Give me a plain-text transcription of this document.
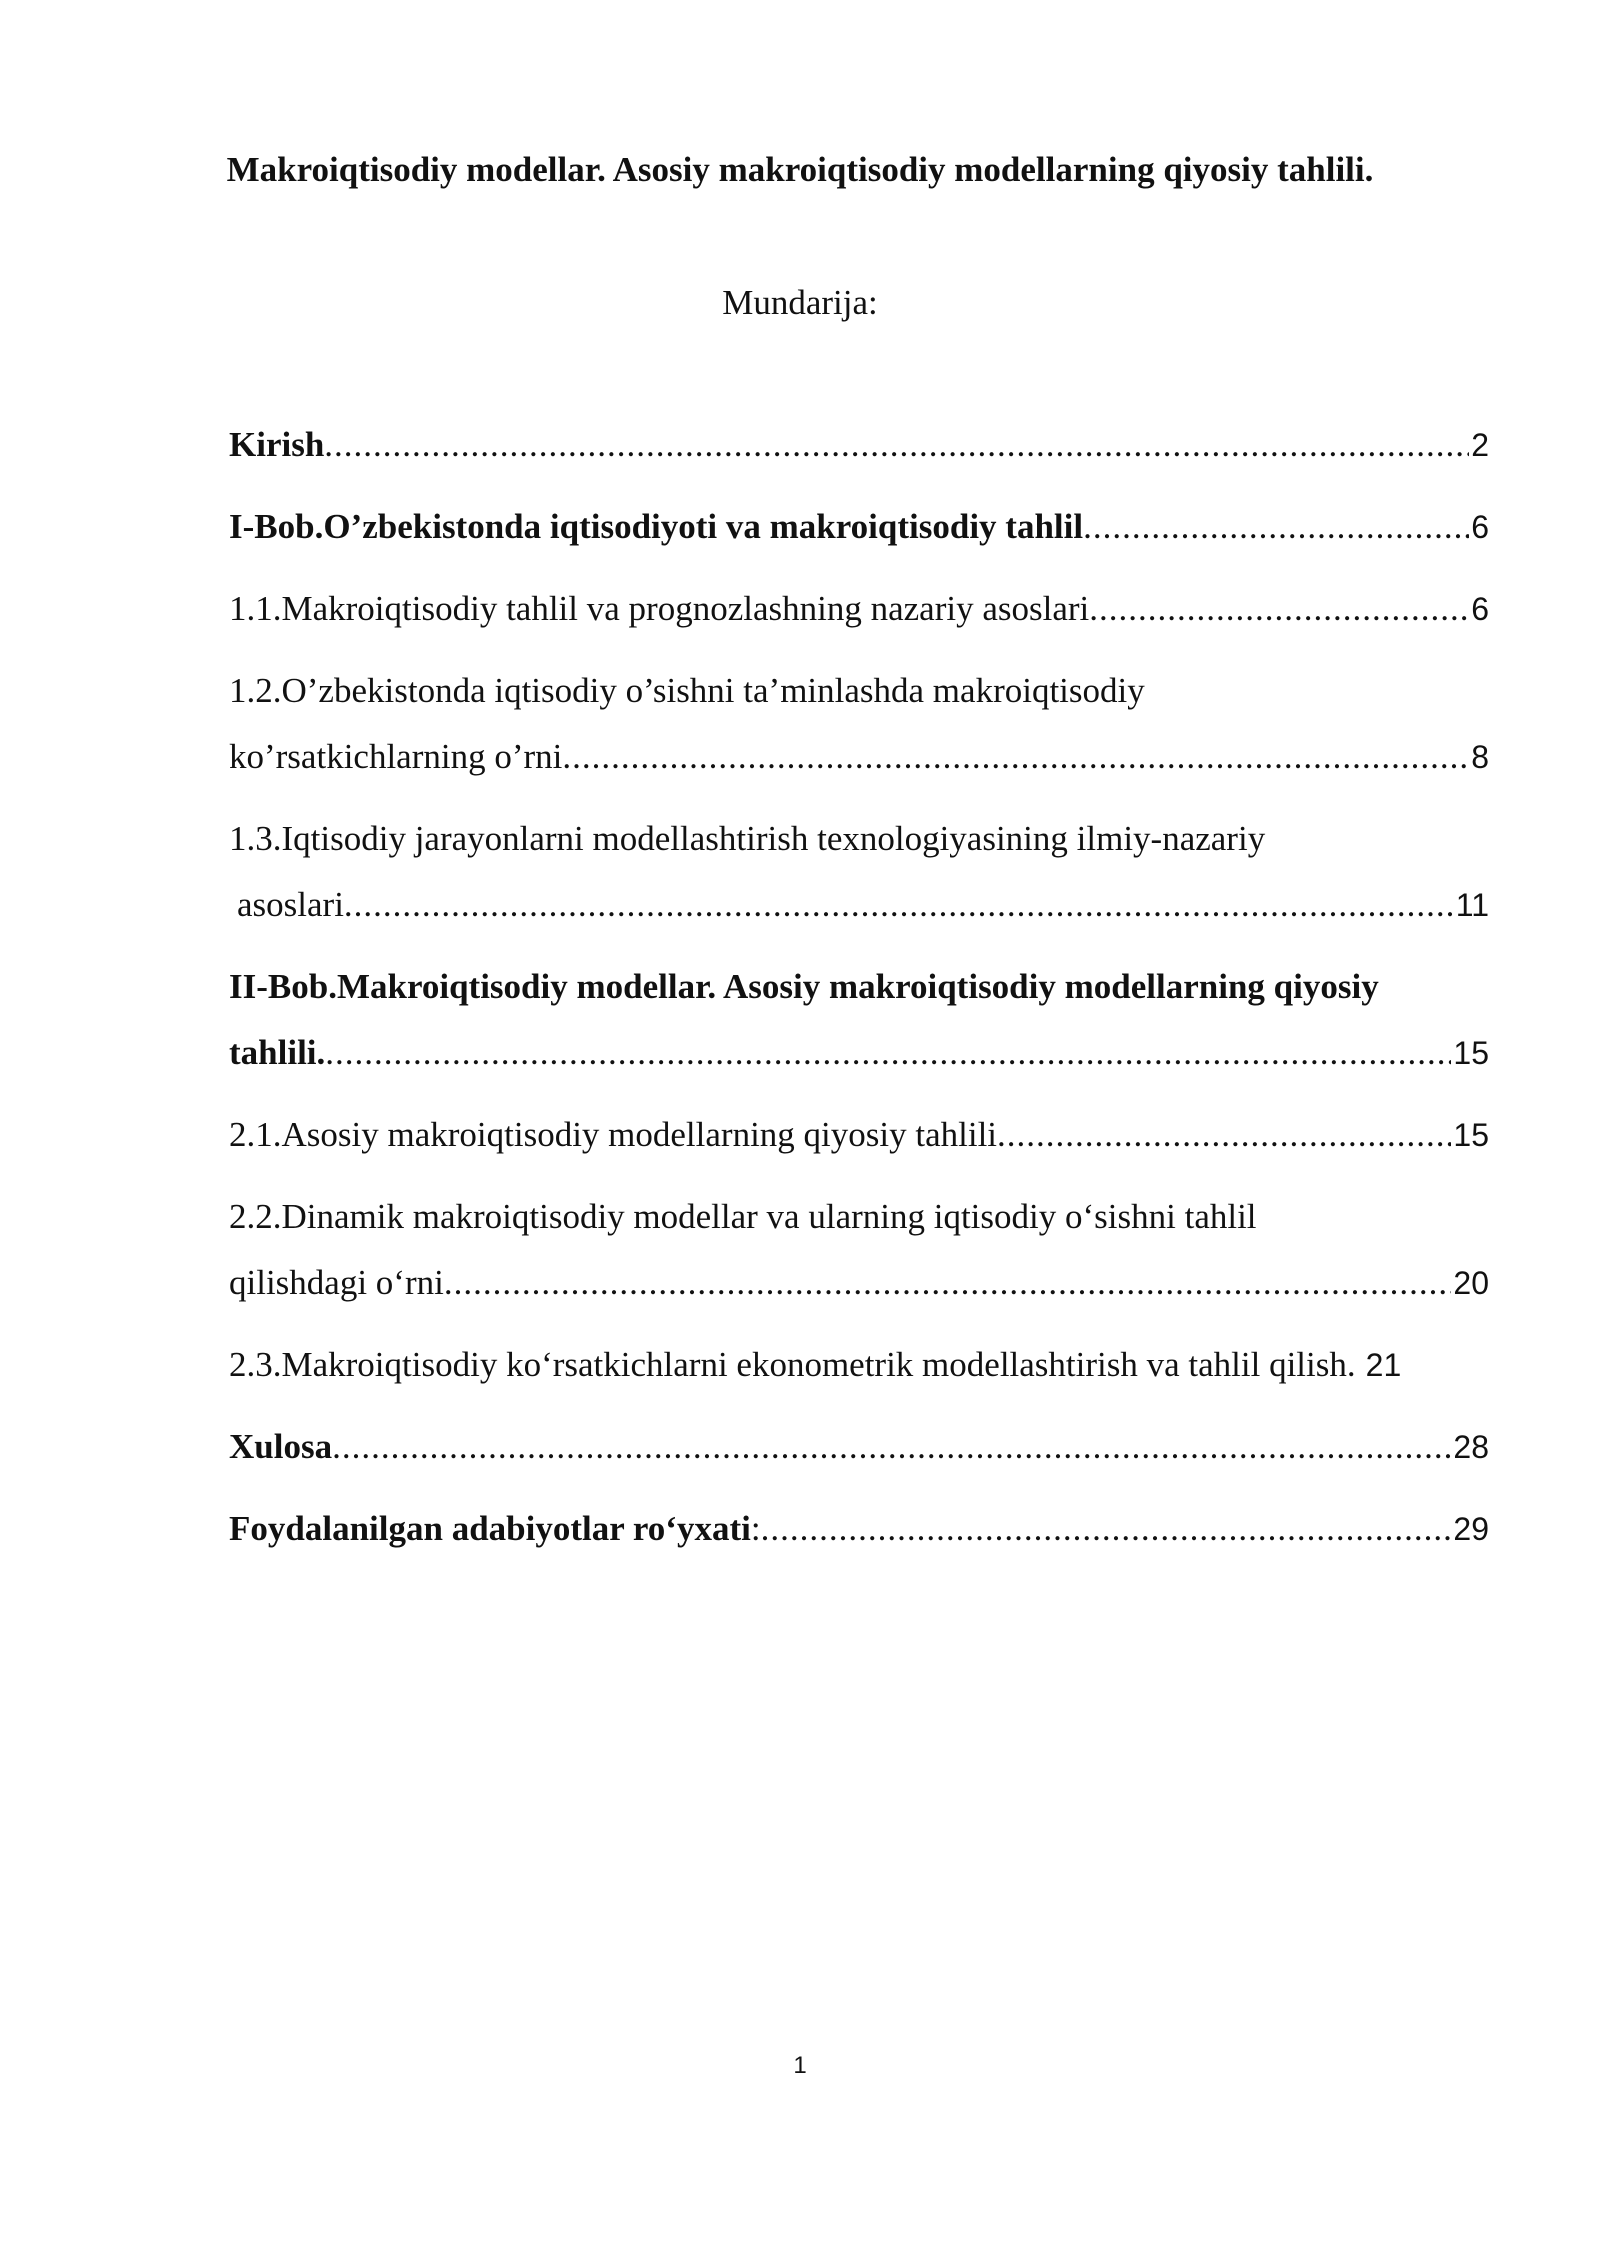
Makroiqtisodiy modellar. Asosiy makroiqtisodiy modellarning qiyosiy tahlili.
Mundarija:
Kirish .....	2
I-Bob.O’zbekistonda iqtisodiyoti va makroiqtisodiy tahlil .....	6
1.1.Makroiqtisodiy tahlil va prognozlashning nazariy asoslari .....	6
1.2.O’zbekistonda iqtisodiy o’sishni ta’minlashda makroiqtisodiy
ko’rsatkichlarning o’rni .....	8
1.3.Iqtisodiy jarayonlarni modellashtirish texnologiyasining ilmiy-nazariy
asoslari .....	11
II-Bob.Makroiqtisodiy modellar. Asosiy makroiqtisodiy modellarning qiyosiy
tahlili. .....	15
2.1.Asosiy makroiqtisodiy modellarning qiyosiy tahlili .....	15
2.2.Dinamik makroiqtisodiy modellar va ularning iqtisodiy o‘sishni tahlil
qilishdagi o‘rni .....	20
2.3.Makroiqtisodiy ko‘rsatkichlarni ekonometrik modellashtirish va tahlil qilish. 21
Xulosa .....	28
Foydalanilgan adabiyotlar ro‘yxati : .....	29
1
